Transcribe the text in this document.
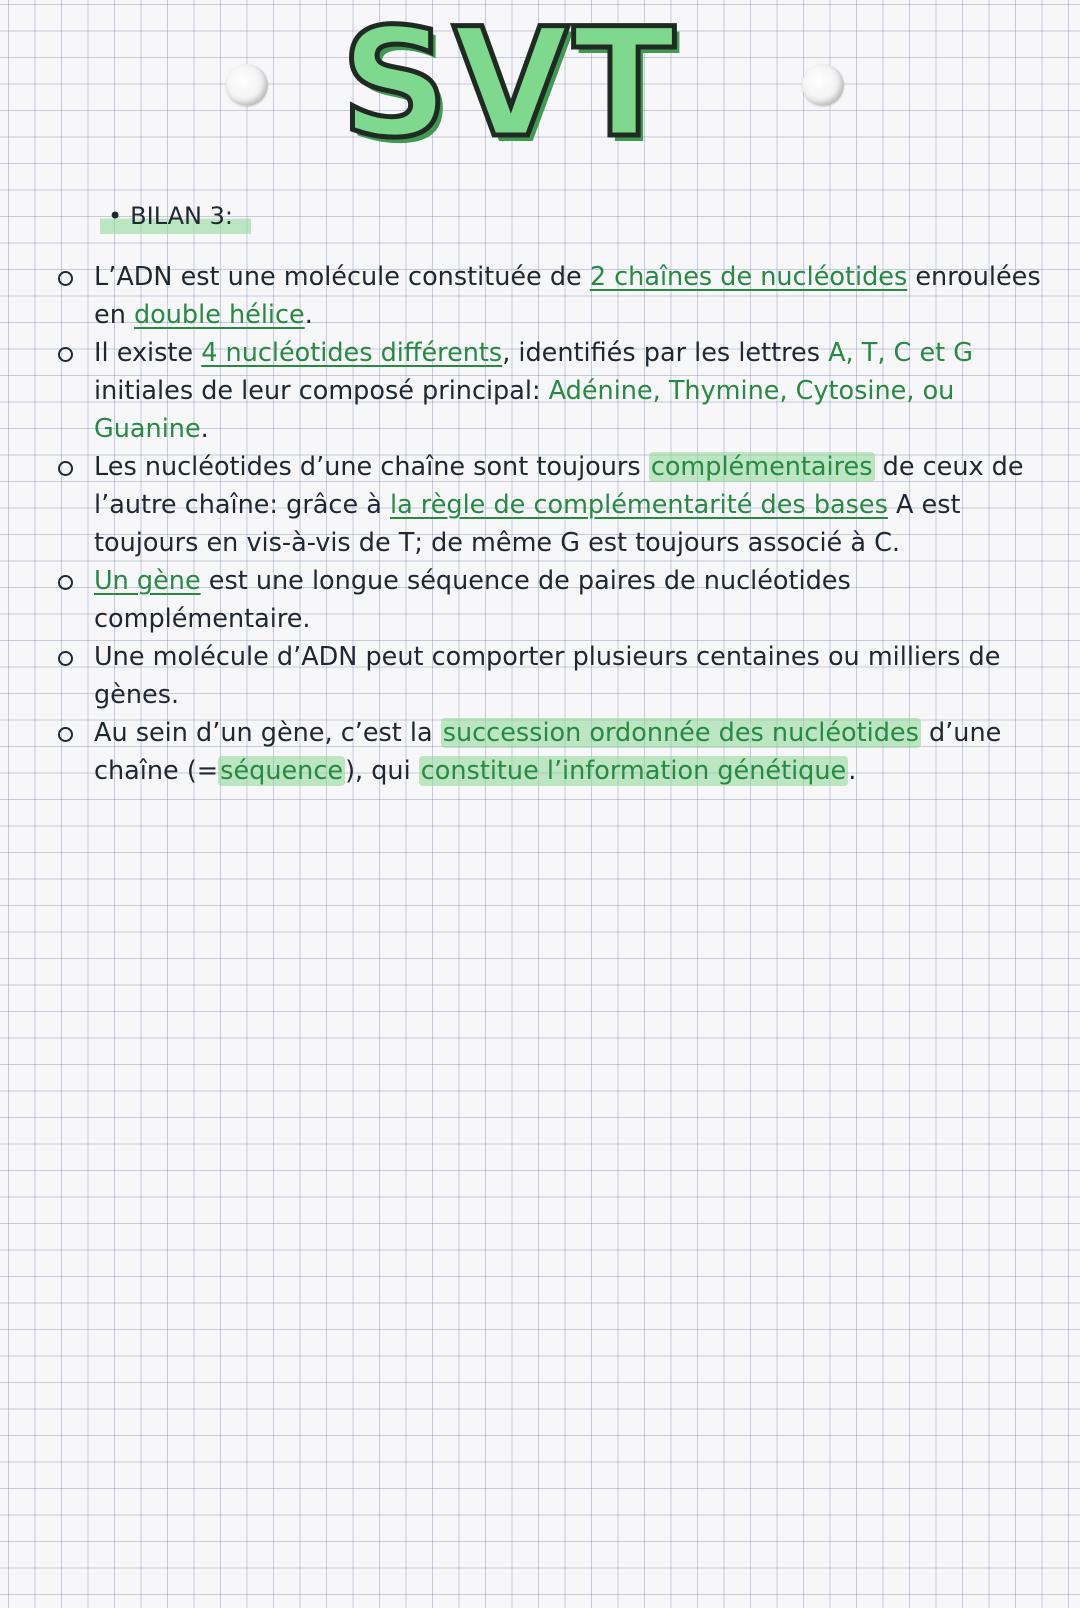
SVT
• BILAN 3:
L’ADN est une molécule constituée de 2 chaînes de nucléotides enroulées en double hélice.
Il existe 4 nucléotides différents, identifiés par les lettres A, T, C et G initiales de leur composé principal: Adénine, Thymine, Cytosine, ou Guanine.
Les nucléotides d’une chaîne sont toujours complémentaires de ceux de l’autre chaîne: grâce à la règle de complémentarité des bases A est toujours en vis-à-vis de T; de même G est toujours associé à C.
Un gène est une longue séquence de paires de nucléotides complémentaire.
Une molécule d’ADN peut comporter plusieurs centaines ou milliers de gènes.
Au sein d’un gène, c’est la succession ordonnée des nucléotides d’une chaîne (=séquence), qui constitue l’information génétique.
